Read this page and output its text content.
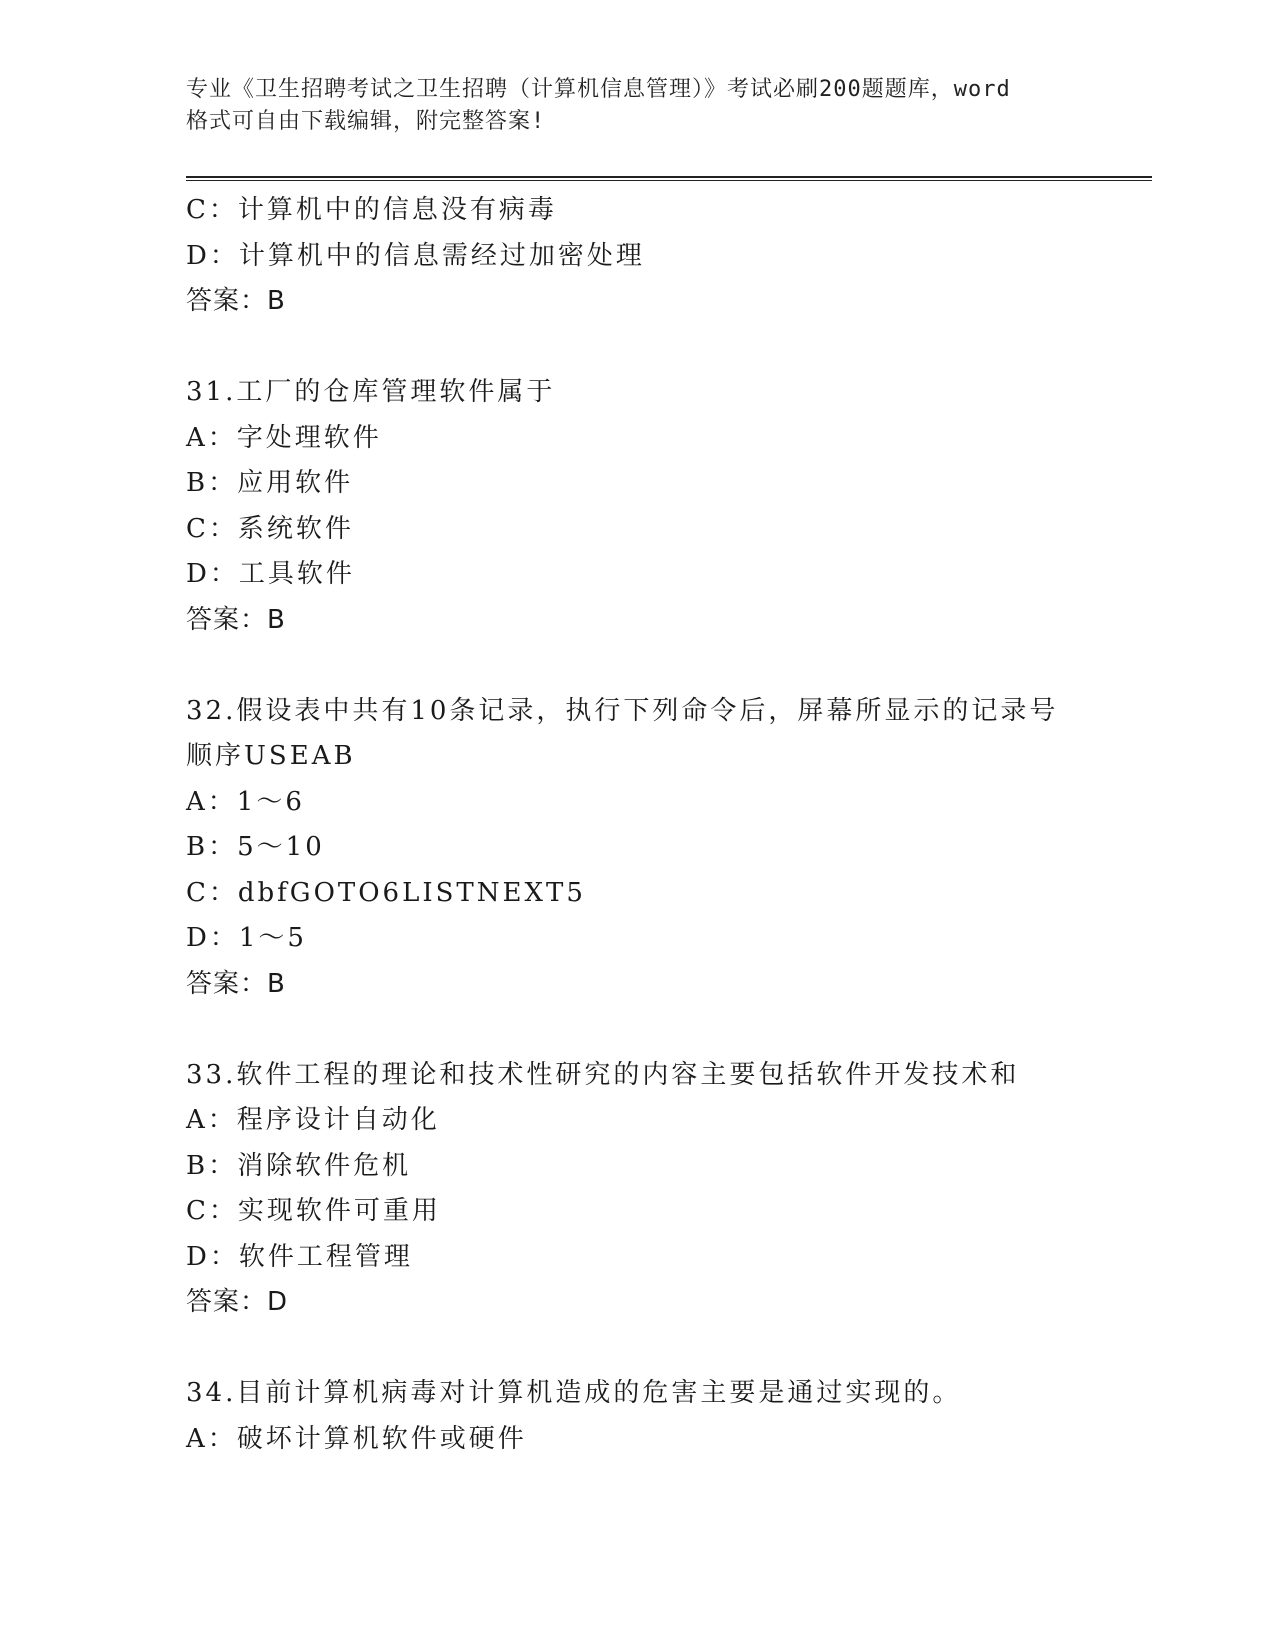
专业《卫生招聘考试之卫生招聘（计算机信息管理）》考试必刷200题题库，word
格式可自由下载编辑，附完整答案!
C：计算机中的信息没有病毒
D：计算机中的信息需经过加密处理
答案：B
31.工厂的仓库管理软件属于
A：字处理软件
B：应用软件
C：系统软件
D：工具软件
答案：B
32.假设表中共有10条记录，执行下列命令后，屏幕所显示的记录号
顺序USEAB
A：1～6
B：5～10
C：dbfGOTO6LISTNEXT5
D：1～5
答案：B
33.软件工程的理论和技术性研究的内容主要包括软件开发技术和
A：程序设计自动化
B：消除软件危机
C：实现软件可重用
D：软件工程管理
答案：D
34.目前计算机病毒对计算机造成的危害主要是通过实现的。
A：破坏计算机软件或硬件
